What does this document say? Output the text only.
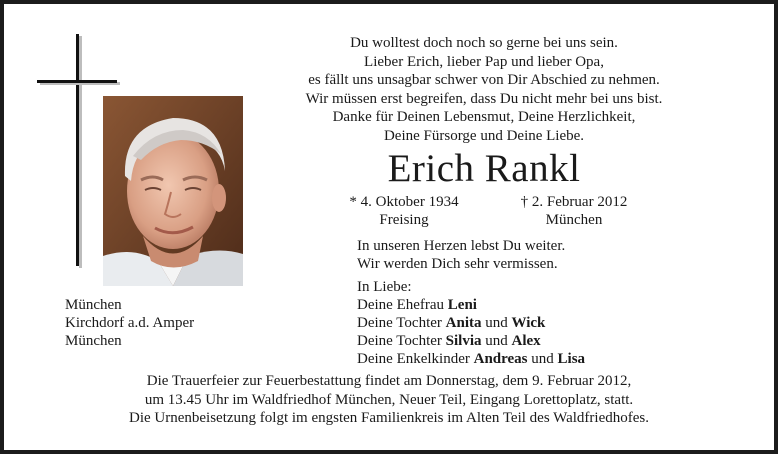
Du wolltest doch noch so gerne bei uns sein.
Lieber Erich, lieber Pap und lieber Opa,
es fällt uns unsagbar schwer von Dir Abschied zu nehmen.
Wir müssen erst begreifen, dass Du nicht mehr bei uns bist.
Danke für Deinen Lebensmut, Deine Herzlichkeit,
Deine Fürsorge und Deine Liebe.
Erich Rankl
* 4. Oktober 1934
Freising
† 2. Februar 2012
München
In unseren Herzen lebst Du weiter.
Wir werden Dich sehr vermissen.
In Liebe:
Deine Ehefrau Leni
Deine Tochter Anita und Wick
Deine Tochter Silvia und Alex
Deine Enkelkinder Andreas und Lisa
München
Kirchdorf a.d. Amper
München
Die Trauerfeier zur Feuerbestattung findet am Donnerstag, dem 9. Februar 2012,
um 13.45 Uhr im Waldfriedhof München, Neuer Teil, Eingang Lorettoplatz, statt.
Die Urnenbeisetzung folgt im engsten Familienkreis im Alten Teil des Waldfriedhofes.
